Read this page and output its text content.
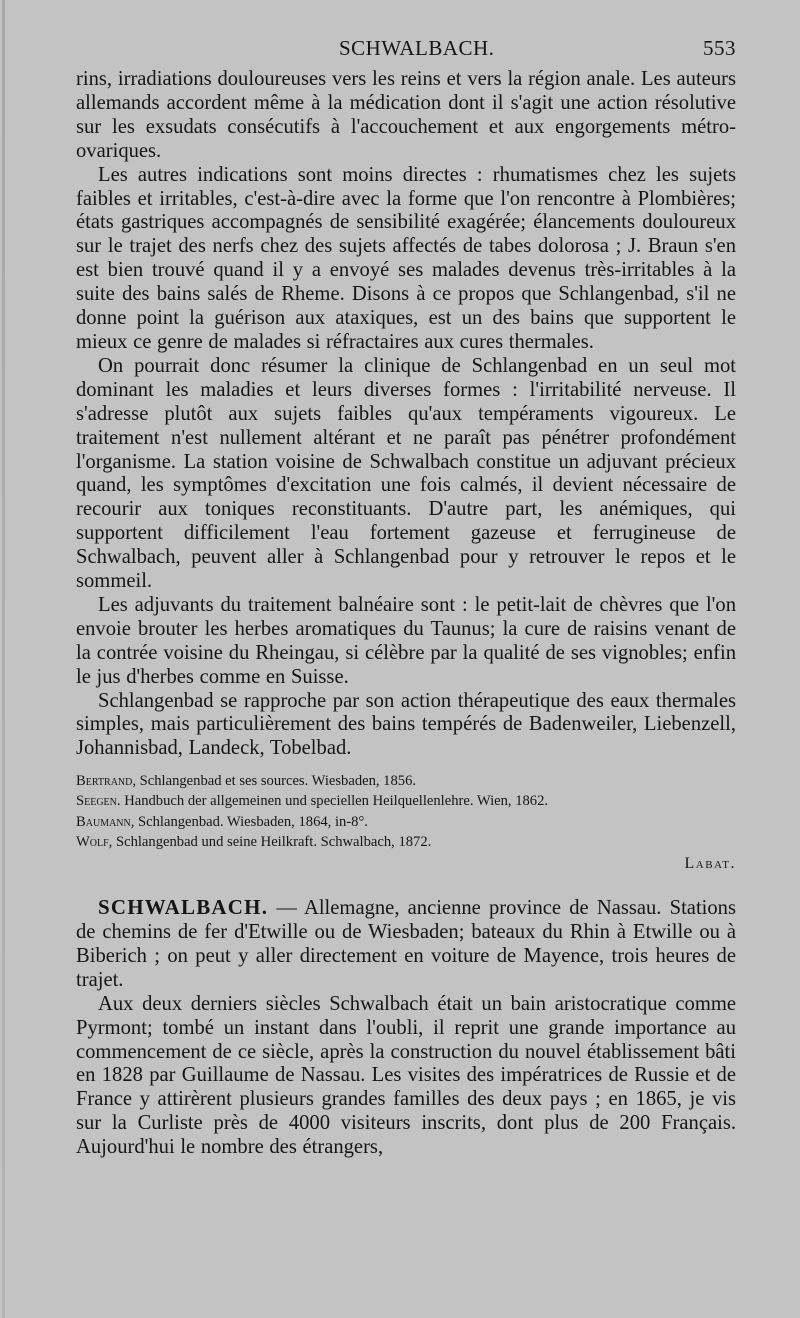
SCHWALBACH.	553

rins, irradiations douloureuses vers les reins et vers la région anale. Les auteurs allemands accordent même à la médication dont il s'agit une action résolutive sur les exsudats consécutifs à l'accouchement et aux engorgements métro-ovariques.

Les autres indications sont moins directes : rhumatismes chez les sujets faibles et irritables, c'est-à-dire avec la forme que l'on rencontre à Plombières; états gastriques accompagnés de sensibilité exagérée; élancements douloureux sur le trajet des nerfs chez des sujets affectés de tabes dolorosa ; J. Braun s'en est bien trouvé quand il y a envoyé ses malades devenus très-irritables à la suite des bains salés de Rheme. Disons à ce propos que Schlangenbad, s'il ne donne point la guérison aux ataxiques, est un des bains que supportent le mieux ce genre de malades si réfractaires aux cures thermales.

On pourrait donc résumer la clinique de Schlangenbad en un seul mot dominant les maladies et leurs diverses formes : l'irritabilité nerveuse. Il s'adresse plutôt aux sujets faibles qu'aux tempéraments vigoureux. Le traitement n'est nullement altérant et ne paraît pas pénétrer profondément l'organisme. La station voisine de Schwalbach constitue un adjuvant précieux quand, les symptômes d'excitation une fois calmés, il devient nécessaire de recourir aux toniques reconstituants. D'autre part, les anémiques, qui supportent difficilement l'eau fortement gazeuse et ferrugineuse de Schwalbach, peuvent aller à Schlangenbad pour y retrouver le repos et le sommeil.

Les adjuvants du traitement balnéaire sont : le petit-lait de chèvres que l'on envoie brouter les herbes aromatiques du Taunus; la cure de raisins venant de la contrée voisine du Rheingau, si célèbre par la qualité de ses vignobles; enfin le jus d'herbes comme en Suisse.

Schlangenbad se rapproche par son action thérapeutique des eaux thermales simples, mais particulièrement des bains tempérés de Badenweiler, Liebenzell, Johannisbad, Landeck, Tobelbad.

Bertrand, Schlangenbad et ses sources. Wiesbaden, 1856.

Seegen. Handbuch der allgemeinen und speciellen Heilquellenlehre. Wien, 1862.

Baumann, Schlangenbad. Wiesbaden, 1864, in-8°.

Wolf, Schlangenbad und seine Heilkraft. Schwalbach, 1872.

Labat.

SCHWALBACH. — Allemagne, ancienne province de Nassau. Stations de chemins de fer d'Etwille ou de Wiesbaden; bateaux du Rhin à Etwille ou à Biberich ; on peut y aller directement en voiture de Mayence, trois heures de trajet.

Aux deux derniers siècles Schwalbach était un bain aristocratique comme Pyrmont; tombé un instant dans l'oubli, il reprit une grande importance au commencement de ce siècle, après la construction du nouvel établissement bâti en 1828 par Guillaume de Nassau. Les visites des impératrices de Russie et de France y attirèrent plusieurs grandes familles des deux pays ; en 1865, je vis sur la Curliste près de 4000 visiteurs inscrits, dont plus de 200 Français. Aujourd'hui le nombre des étrangers,
